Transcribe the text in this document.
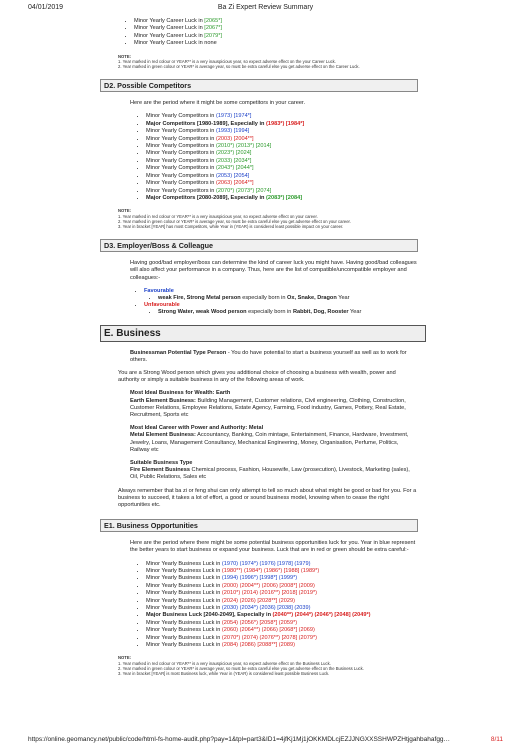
04/01/2019	Ba Zi Expert Review Summary
• Minor Yearly Career Luck in [2065*]
• Minor Yearly Career Luck in [2067*]
• Minor Yearly Career Luck in [2079*]
• Minor Yearly Career Luck in none
NOTE:
1. Year marked in red colour or YEAR** is a very inauspicious year, so expect adverse effect on the your Career Luck.
2. Year marked in green colour or YEAR* is average year, so must be extra careful else you get adverse effect on the Career Luck.
D2. Possible Competitors

Here are the period where it might be some competitors in your career.

• Minor Yearly Competitors in (1973) [1974*]
• Major Competitors [1980-1989], Especially in (1983*) [1984*]
• Minor Yearly Competitors in (1993) [1994]
• Minor Yearly Competitors in (2003) [2004**]
• Minor Yearly Competitors in (2010*) (2013*) [2014]
• Minor Yearly Competitors in (2023*) [2024]
• Minor Yearly Competitors in (2033) [2034*]
• Minor Yearly Competitors in (2043*) [2044*]
• Minor Yearly Competitors in (2053) [2054]
• Minor Yearly Competitors in (2063) [2064**]
• Minor Yearly Competitors in (2070*) (2073*) [2074]
• Major Competitors [2080-2089], Especially in (2083*) [2084]
NOTE:
1. Year marked in red colour or YEAR** is a very inauspicious year, so expect adverse effect on your career.
2. Year marked in green colour or YEAR* is average year, so must be extra careful else you get adverse effect on your career.
3. Year in bracket [YEAR] has most Competitors, while Year in (YEAR) is considered least possible impact on your career.
D3. Employer/Boss & Colleague

Having good/bad employer/boss can determine the kind of career luck you might have. Having good/bad colleagues will also affect your performance in a company. Thus, here are the list of compatible/uncompatible employer and colleagues:-

• Favourable
• weak Fire, Strong Metal person especially born in Ox, Snake, Dragon Year
• Unfavourable
• Strong Water, weak Wood person especially born in Rabbit, Dog, Rooster Year
E. Business

Businessman Potential Type Person - You do have potential to start a business yourself as well as to work for others.

You are a Strong Wood person which gives you additional choice of choosing a business with wealth, power and authority or simply a suitable business in any of the following areas of work.

Most Ideal Business for Wealth: Earth
Earth Element Business: Building Management, Customer relations, Civil engineering, Clothing, Construction, Customer Relations, Employee Relations, Estate Agency, Farming, Food industry, Games, Pottery, Real Estate, Recruitment, Sports etc
Most Ideal Career with Power and Authority: Metal
Metal Element Business: Accountancy, Banking, Coin mintage, Entertainment, Finance, Hardware, Investment, Jewelry, Loans, Management Consultancy, Mechanical Engineering, Money, Organisation, Perfume, Politics, Railway etc
Suitable Business Type
Fire Element Business Chemical process, Fashion, Housewife, Law (prosecution), Livestock, Marketing (sales), Oil, Public Relations, Sales etc

Always remember that ba zi or feng shui can only attempt to tell so much about what might be good or bad for you. For a business to succeed, it takes a lot of effort, a good or sound business model, knowing when to cease the right opportunities etc.

E1. Business Opportunities

Here are the period where there might be some potential business opportunities luck for you. Year in blue represent the better years to start business or expand your business. Luck that are in red or green should be extra careful:-

• Minor Yearly Business Luck in (1970) (1974*) (1976) [1978] (1979)
• Minor Yearly Business Luck in (1980**) (1984*) (1986*) [1988] (1989*)
• Minor Yearly Business Luck in (1994) (1996*) [1998*] (1999*)
• Minor Yearly Business Luck in (2000) (2004**) (2006) [2008*] (2009)
• Minor Yearly Business Luck in (2010*) (2014) (2016**) [2018] (2019*)
• Minor Yearly Business Luck in (2024) (2026) [2028**] (2029)
• Minor Yearly Business Luck in (2030) (2034*) (2036) [2038] (2039)
• Major Business Luck [2040-2049], Especially in (2040**) (2044*) (2046*) [2048] (2049*)
• Minor Yearly Business Luck in (2054) (2056*) [2058*] (2059*)
• Minor Yearly Business Luck in (2060) (2064**) (2066) [2068*] (2069)
• Minor Yearly Business Luck in (2070*) (2074) (2076**) [2078] (2079*)
• Minor Yearly Business Luck in (2084) (2086) [2088**] (2089)
NOTE:
1. Year marked in red colour or YEAR** is a very inauspicious year, so expect adverse effect on the Business Luck.
2. Year marked in green colour or YEAR* is average year, so must be extra careful else you get adverse effect on the Business Luck.
3. Year in bracket [YEAR] is most Business luck, while Year in (YEAR) is considered least possible Business Luck.
https://online.geomancy.net/public/code/html-fs-home-audit.php?pay=1&tpl=part3&ID1=4jfKj1Mj1jOKKMDLcjEZJJNGXXSSHWPZHtjgahbahafgg…	8/11
